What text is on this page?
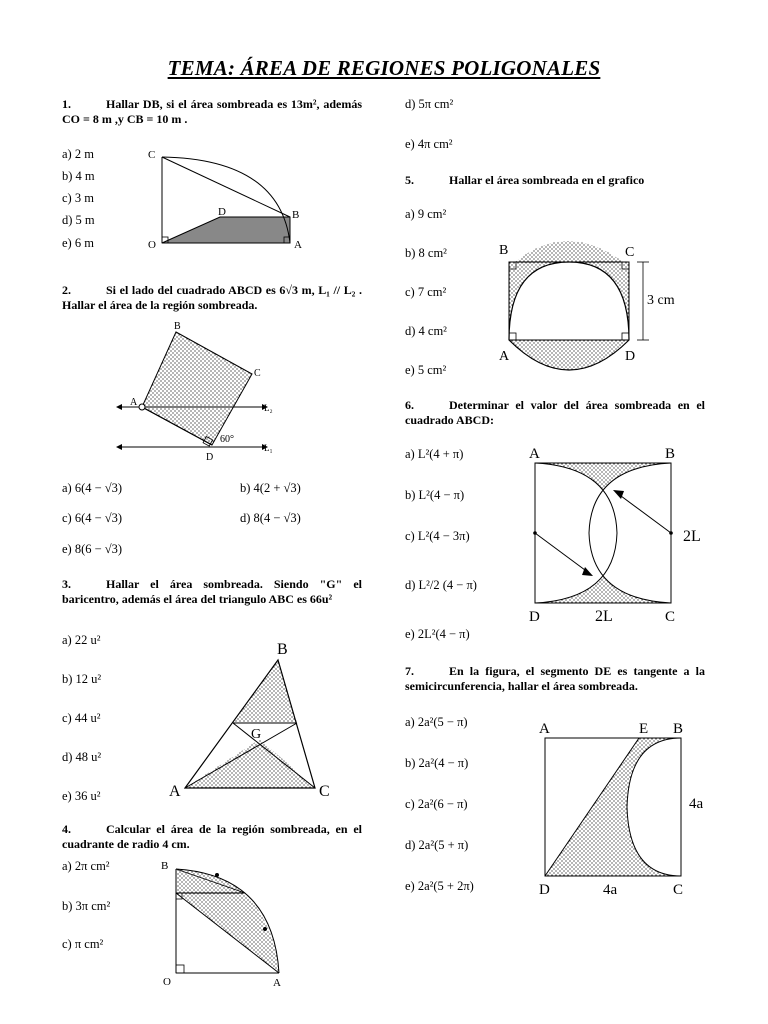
TEMA: ÁREA DE REGIONES POLIGONALES
1.	Hallar DB, si el área sombreada es 13m², además CO = 8 m ,y CB = 10 m .
a) 2 m
b) 4 m
c) 3 m
d) 5 m
e) 6 m
C
O
D	B
A
2.	Si el lado del cuadrado ABCD es 6√3 m, L₁ // L₂ . Hallar el área de la región sombreada.
B
C
A
D
L₂
L₁
60°
a) 6(4 − √3)	b) 4(2 + √3)
c) 6(4 − √3)	d) 8(4 − √3)
e) 8(6 − √3)
3.	Hallar el área sombreada. Siendo "G" el baricentro, además el área del triangulo ABC es 66u²
a) 22 u²
b) 12 u²
c) 44 u²
d) 48 u²
e) 36 u²
B
G
A	C
4.	Calcular el área de la región sombreada, en el cuadrante de radio 4 cm.
a) 2π cm²
b) 3π cm²
c) π cm²
B
O	A
d) 5π cm²
e) 4π cm²
5.	Hallar el área sombreada en el grafico
a) 9 cm²
b) 8 cm²
c) 7 cm²
d) 4 cm²
e) 5 cm²
B	C
A	D
3 cm
6.	Determinar el valor del área sombreada en el cuadrado ABCD:
a) L²(4 + π)
b) L²(4 − π)
c) L²(4 − 3π)
d) L²/2 (4 − π)
e) 2L²(4 − π)
A	B
D	C
2L
2L
7.	En la figura, el segmento DE es tangente a la semicircunferencia, hallar el área sombreada.
a) 2a²(5 − π)
b) 2a²(4 − π)
c) 2a²(6 − π)
d) 2a²(5 + π)
e) 2a²(5 + 2π)
A	E B
D	C
4a
4a
